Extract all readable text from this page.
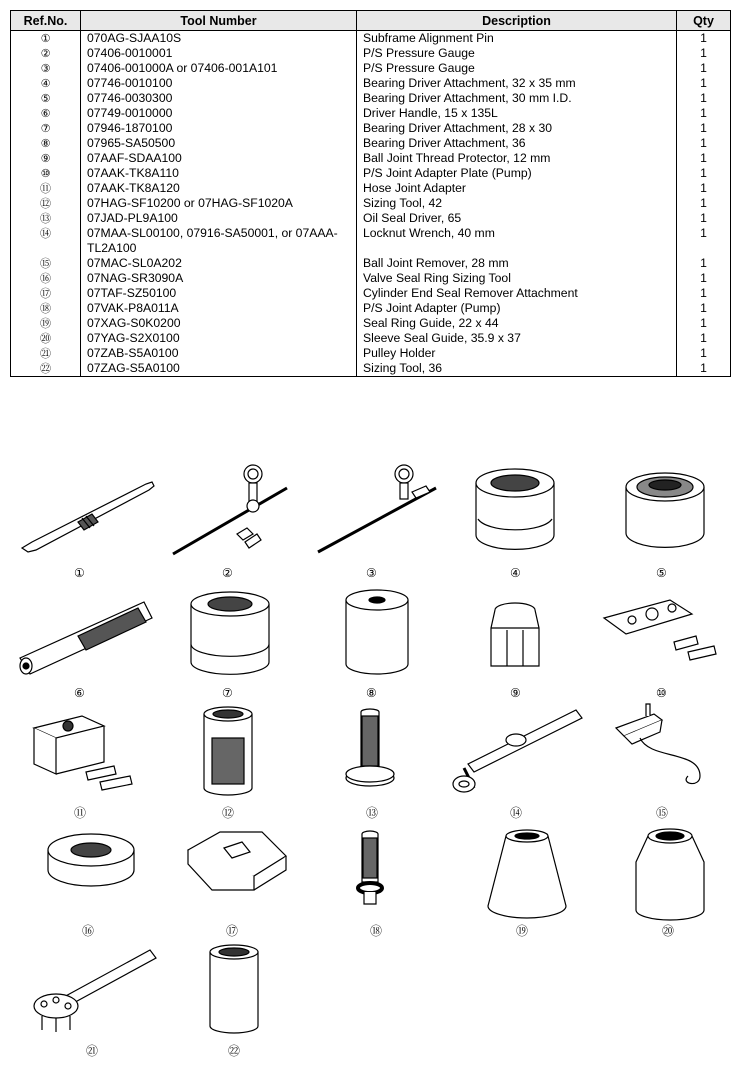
Ref.No.	Tool Number	Description	Qty
①	070AG-SJAA10S	Subframe Alignment Pin	1
②	07406-0010001	P/S Pressure Gauge	1
③	07406-001000A or 07406-001A101	P/S Pressure Gauge	1
④	07746-0010100	Bearing Driver Attachment, 32 x 35 mm	1
⑤	07746-0030300	Bearing Driver Attachment, 30 mm I.D.	1
⑥	07749-0010000	Driver Handle, 15 x 135L	1
⑦	07946-1870100	Bearing Driver Attachment, 28 x 30	1
⑧	07965-SA50500	Bearing Driver Attachment, 36	1
⑨	07AAF-SDAA100	Ball Joint Thread Protector, 12 mm	1
⑩	07AAK-TK8A110	P/S Joint Adapter Plate (Pump)	1
⑪	07AAK-TK8A120	Hose Joint Adapter	1
⑫	07HAG-SF10200 or 07HAG-SF1020A	Sizing Tool, 42	1
⑬	07JAD-PL9A100	Oil Seal Driver, 65	1
⑭	07MAA-SL00100, 07916-SA50001, or 07AAA-TL2A100	Locknut Wrench, 40 mm	1
⑮	07MAC-SL0A202	Ball Joint Remover, 28 mm	1
⑯	07NAG-SR3090A	Valve Seal Ring Sizing Tool	1
⑰	07TAF-SZ50100	Cylinder End Seal Remover Attachment	1
⑱	07VAK-P8A011A	P/S Joint Adapter (Pump)	1
⑲	07XAG-S0K0200	Seal Ring Guide, 22 x 44	1
⑳	07YAG-S2X0100	Sleeve Seal Guide, 35.9 x 37	1
㉑	07ZAB-S5A0100	Pulley Holder	1
㉒	07ZAG-S5A0100	Sizing Tool, 36	1
①	②	③	④	⑤
⑥	⑦	⑧	⑨	⑩
⑪	⑫	⑬	⑭	⑮
⑯	⑰	⑱	⑲	⑳
㉑	㉒
